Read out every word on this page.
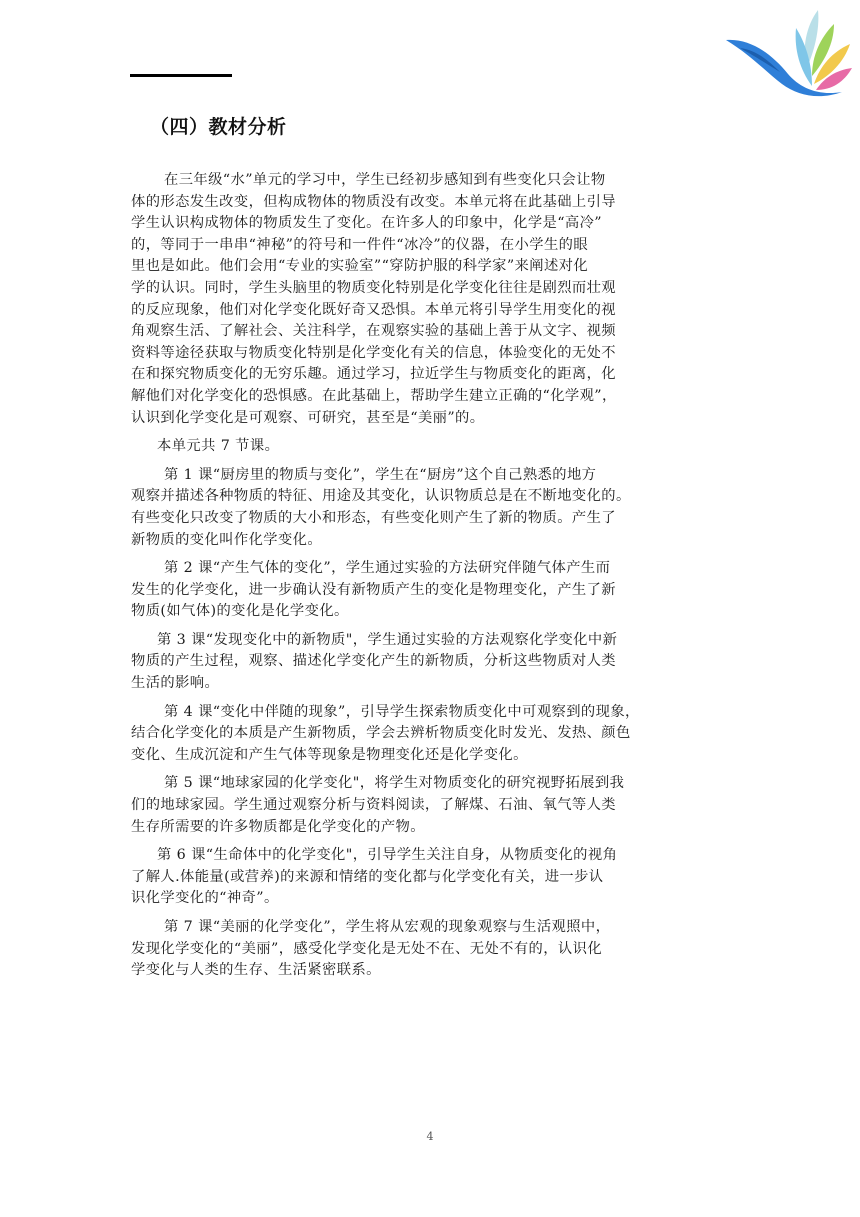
（四）教材分析

在三年级“水”单元的学习中，学生已经初步感知到有些变化只会让物
体的形态发生改变，但构成物体的物质没有改变。本单元将在此基础上引导
学生认识构成物体的物质发生了变化。在许多人的印象中，化学是“高冷”
的，等同于一串串“神秘”的符号和一件件“冰冷”的仪器，在小学生的眼
里也是如此。他们会用“专业的实验室”“穿防护服的科学家”来阐述对化
学的认识。同时，学生头脑里的物质变化特别是化学变化往往是剧烈而壮观
的反应现象，他们对化学变化既好奇又恐惧。本单元将引导学生用变化的视
角观察生活、了解社会、关注科学，在观察实验的基础上善于从文字、视频
资料等途径获取与物质变化特别是化学变化有关的信息，体验变化的无处不
在和探究物质变化的无穷乐趣。通过学习，拉近学生与物质变化的距离，化
解他们对化学变化的恐惧感。在此基础上，帮助学生建立正确的“化学观”，
认识到化学变化是可观察、可研究，甚至是“美丽”的。

本单元共 7 节课。

第 1 课“厨房里的物质与变化”，学生在“厨房”这个自己熟悉的地方
观察并描述各种物质的特征、用途及其变化，认识物质总是在不断地变化的。
有些变化只改变了物质的大小和形态，有些变化则产生了新的物质。产生了
新物质的变化叫作化学变化。

第 2 课“产生气体的变化”，学生通过实验的方法研究伴随气体产生而
发生的化学变化，进一步确认没有新物质产生的变化是物理变化，产生了新
物质(如气体)的变化是化学变化。

第 3 课“发现变化中的新物质"，学生通过实验的方法观察化学变化中新
物质的产生过程，观察、描述化学变化产生的新物质，分析这些物质对人类
生活的影响。

第 4 课“变化中伴随的现象”，引导学生探索物质变化中可观察到的现象，
结合化学变化的本质是产生新物质，学会去辨析物质变化时发光、发热、颜色
变化、生成沉淀和产生气体等现象是物理变化还是化学变化。

第 5 课“地球家园的化学变化"，将学生对物质变化的研究视野拓展到我
们的地球家园。学生通过观察分析与资料阅读，了解煤、石油、氧气等人类
生存所需要的许多物质都是化学变化的产物。

第 6 课“生命体中的化学变化"，引导学生关注自身，从物质变化的视角
了解人.体能量(或营养)的来源和情绪的变化都与化学变化有关，进一步认
识化学变化的“神奇”。

第 7 课“美丽的化学变化”，学生将从宏观的现象观察与生活观照中，
发现化学变化的“美丽”，感受化学变化是无处不在、无处不有的，认识化
学变化与人类的生存、生活紧密联系。

4
